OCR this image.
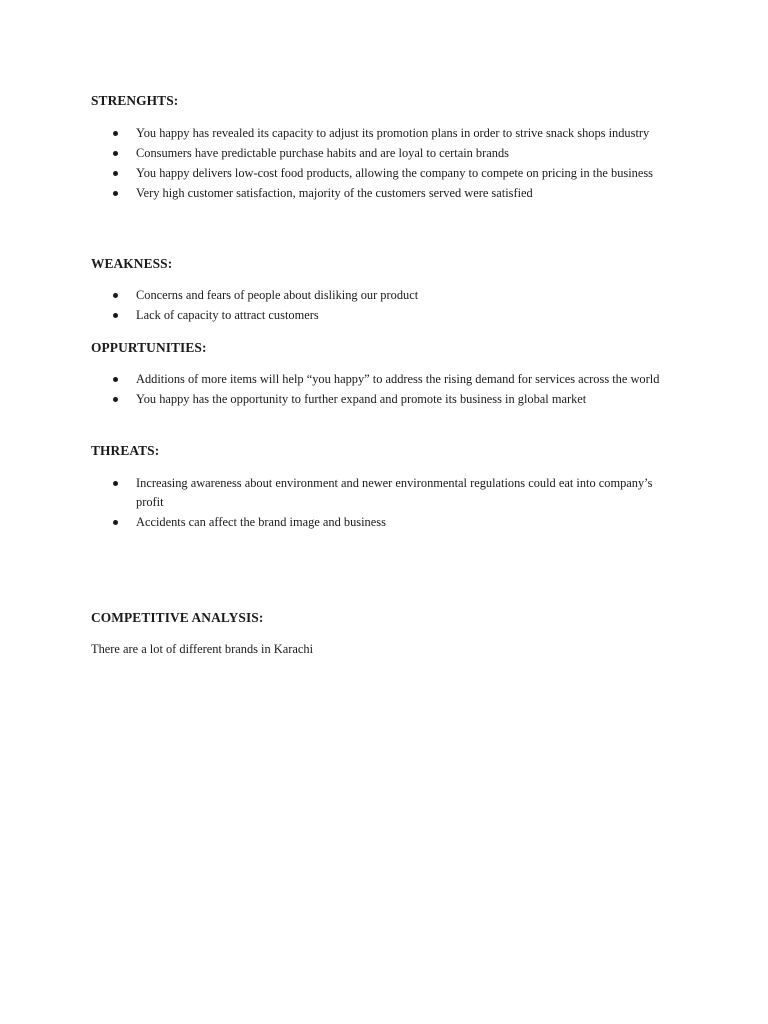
STRENGHTS:
You happy has revealed its capacity to adjust its promotion plans in order to strive snack shops industry
Consumers have predictable purchase habits and are loyal to certain brands
You happy delivers low-cost food products, allowing the company to compete on pricing in the business
Very high customer satisfaction, majority of the customers served were satisfied
WEAKNESS:
Concerns and fears of people about disliking our product
Lack of capacity to attract customers
OPPURTUNITIES:
Additions of more items will help “you happy” to address the rising demand for services across the world
You happy has the opportunity to further expand and promote its business in global market
THREATS:
Increasing awareness about environment and newer environmental regulations could eat into company’s profit
Accidents can affect the brand image and business
COMPETITIVE ANALYSIS:
There are a lot of different brands in Karachi
